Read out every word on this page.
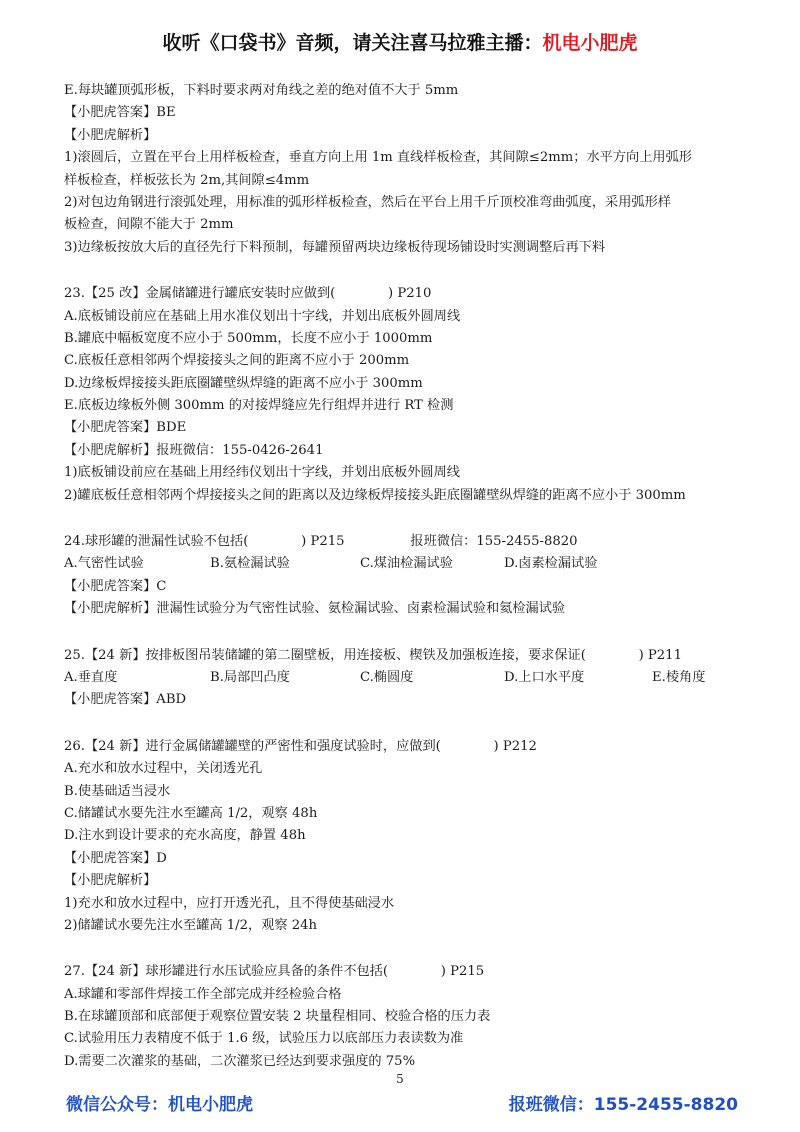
收听《口袋书》音频，请关注喜马拉雅主播：机电小肥虎
E.每块罐顶弧形板，下料时要求两对角线之差的绝对值不大于 5mm
【小肥虎答案】BE
【小肥虎解析】
1)滚圆后，立置在平台上用样板检查，垂直方向上用 1m 直线样板检查，其间隙≤2mm；水平方向上用弧形
样板检查，样板弦长为 2m,其间隙≤4mm
2)对包边角钢进行滚弧处理，用标准的弧形样板检查，然后在平台上用千斤顶校准弯曲弧度，采用弧形样
板检查，间隙不能大于 2mm
3)边缘板按放大后的直径先行下料预制，每罐预留两块边缘板待现场铺设时实测调整后再下料
23.【25 改】金属储罐进行罐底安装时应做到(　　　　) P210
A.底板铺设前应在基础上用水准仪划出十字线，并划出底板外圆周线
B.罐底中幅板宽度不应小于 500mm，长度不应小于 1000mm
C.底板任意相邻两个焊接接头之间的距离不应小于 200mm
D.边缘板焊接接头距底圈罐壁纵焊缝的距离不应小于 300mm
E.底板边缘板外侧 300mm 的对接焊缝应先行组焊并进行 RT 检测
【小肥虎答案】BDE
【小肥虎解析】报班微信：155-0426-2641
1)底板铺设前应在基础上用经纬仪划出十字线，并划出底板外圆周线
2)罐底板任意相邻两个焊接接头之间的距离以及边缘板焊接接头距底圈罐壁纵焊缝的距离不应小于 300mm
24.球形罐的泄漏性试验不包括(　　　　) P215　　　　　报班微信：155-2455-8820
A.气密性试验	B.氨检漏试验	C.煤油检漏试验	D.卤素检漏试验
【小肥虎答案】C
【小肥虎解析】泄漏性试验分为气密性试验、氨检漏试验、卤素检漏试验和氦检漏试验
25.【24 新】按排板图吊装储罐的第二圈壁板，用连接板、楔铁及加强板连接，要求保证(　　　　) P211
A.垂直度	B.局部凹凸度	C.椭圆度	D.上口水平度	E.棱角度
【小肥虎答案】ABD
26.【24 新】进行金属储罐罐壁的严密性和强度试验时，应做到(　　　　) P212
A.充水和放水过程中，关闭透光孔
B.使基础适当浸水
C.储罐试水要先注水至罐高 1/2，观察 48h
D.注水到设计要求的充水高度，静置 48h
【小肥虎答案】D
【小肥虎解析】
1)充水和放水过程中，应打开透光孔，且不得使基础浸水
2)储罐试水要先注水至罐高 1/2，观察 24h
27.【24 新】球形罐进行水压试验应具备的条件不包括(　　　　) P215
A.球罐和零部件焊接工作全部完成并经检验合格
B.在球罐顶部和底部便于观察位置安装 2 块量程相同、校验合格的压力表
C.试验用压力表精度不低于 1.6 级，试验压力以底部压力表读数为准
D.需要二次灌浆的基础，二次灌浆已经达到要求强度的 75%
5
微信公众号：机电小肥虎	报班微信：155-2455-8820
